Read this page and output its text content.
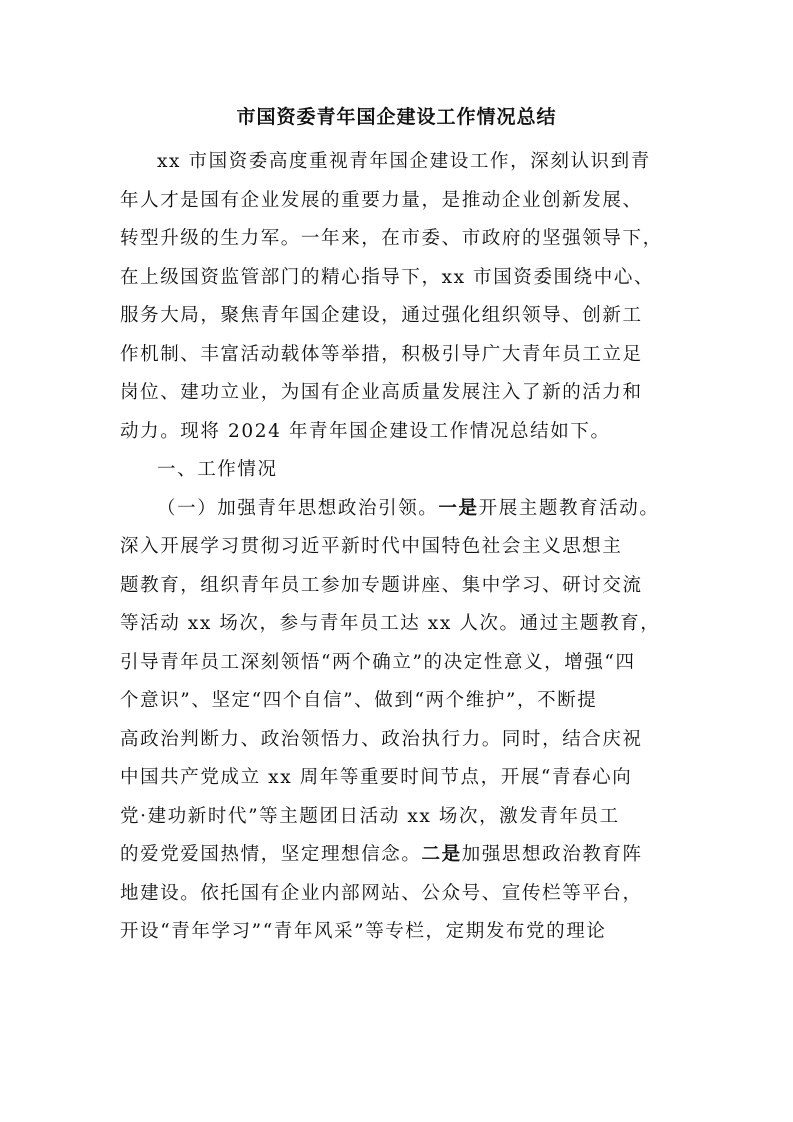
市国资委青年国企建设工作情况总结
xx 市国资委高度重视青年国企建设工作，深刻认识到青
年人才是国有企业发展的重要力量，是推动企业创新发展、
转型升级的生力军。一年来，在市委、市政府的坚强领导下，
在上级国资监管部门的精心指导下，xx 市国资委围绕中心、
服务大局，聚焦青年国企建设，通过强化组织领导、创新工
作机制、丰富活动载体等举措，积极引导广大青年员工立足
岗位、建功立业，为国有企业高质量发展注入了新的活力和
动力。现将 2024 年青年国企建设工作情况总结如下。
一、工作情况
（一）加强青年思想政治引领。一是开展主题教育活动。
深入开展学习贯彻习近平新时代中国特色社会主义思想主
题教育，组织青年员工参加专题讲座、集中学习、研讨交流
等活动 xx 场次，参与青年员工达 xx 人次。通过主题教育，
引导青年员工深刻领悟“两个确立”的决定性意义，增强“四
个意识”、坚定“四个自信”、做到“两个维护”，不断提
高政治判断力、政治领悟力、政治执行力。同时，结合庆祝
中国共产党成立 xx 周年等重要时间节点，开展“青春心向
党·建功新时代”等主题团日活动 xx 场次，激发青年员工
的爱党爱国热情，坚定理想信念。二是加强思想政治教育阵
地建设。依托国有企业内部网站、公众号、宣传栏等平台，
开设“青年学习”“青年风采”等专栏，定期发布党的理论
